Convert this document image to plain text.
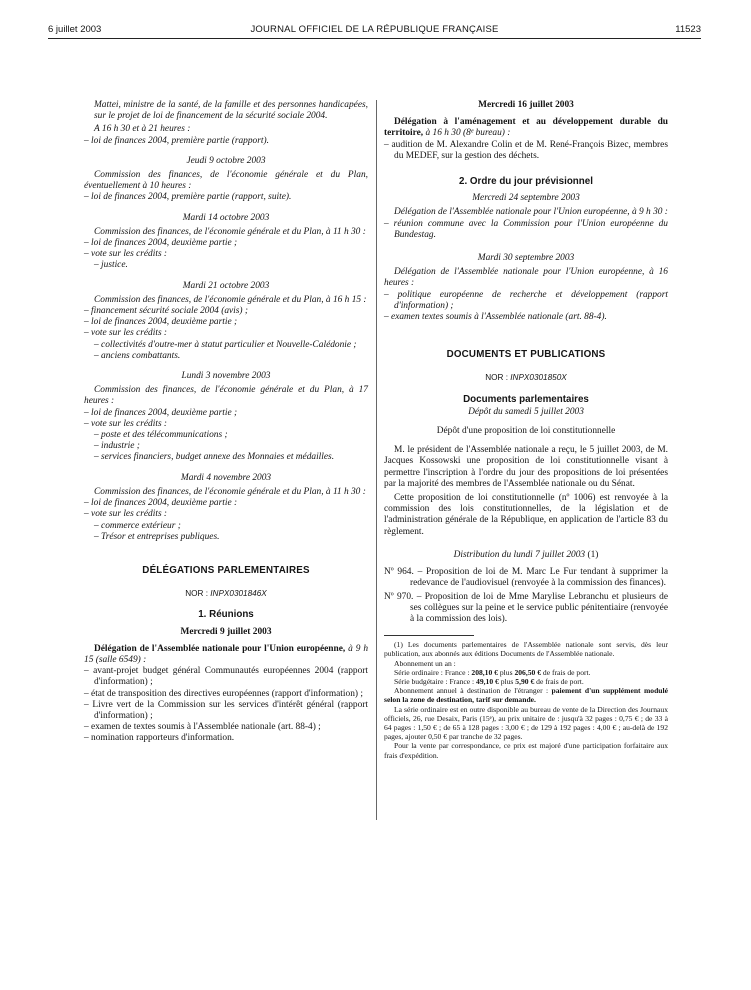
6 juillet 2003	JOURNAL OFFICIEL DE LA RÉPUBLIQUE FRANÇAISE	11523

Mattei, ministre de la santé, de la famille et des personnes handicapées, sur le projet de loi de financement de la sécurité sociale 2004.

A 16 h 30 et à 21 heures :

– loi de finances 2004, première partie (rapport).

Jeudi 9 octobre 2003

Commission des finances, de l'économie générale et du Plan, éventuellement à 10 heures :

– loi de finances 2004, première partie (rapport, suite).

Mardi 14 octobre 2003

Commission des finances, de l'économie générale et du Plan, à 11 h 30 :

– loi de finances 2004, deuxième partie ;

– vote sur les crédits :

– justice.

Mardi 21 octobre 2003

Commission des finances, de l'économie générale et du Plan, à 16 h 15 :

– financement sécurité sociale 2004 (avis) ;

– loi de finances 2004, deuxième partie ;

– vote sur les crédits :

– collectivités d'outre-mer à statut particulier et Nouvelle-Calédonie ;

– anciens combattants.

Lundi 3 novembre 2003

Commission des finances, de l'économie générale et du Plan, à 17 heures :

– loi de finances 2004, deuxième partie ;

– vote sur les crédits :

– poste et des télécommunications ;

– industrie ;

– services financiers, budget annexe des Monnaies et médailles.

Mardi 4 novembre 2003

Commission des finances, de l'économie générale et du Plan, à 11 h 30 :

– loi de finances 2004, deuxième partie :

– vote sur les crédits :

– commerce extérieur ;

– Trésor et entreprises publiques.

DÉLÉGATIONS PARLEMENTAIRES

NOR : INPX0301846X

1. Réunions

Mercredi 9 juillet 2003

Délégation de l'Assemblée nationale pour l'Union européenne, à 9 h 15 (salle 6549) :

– avant-projet budget général Communautés européennes 2004 (rapport d'information) ;

– état de transposition des directives européennes (rapport d'information) ;

– Livre vert de la Commission sur les services d'intérêt général (rapport d'information) ;

– examen de textes soumis à l'Assemblée nationale (art. 88-4) ;

– nomination rapporteurs d'information.

Mercredi 16 juillet 2003

Délégation à l'aménagement et au développement durable du territoire, à 16 h 30 (8ᵉ bureau) :

– audition de M. Alexandre Colin et de M. René-François Bizec, membres du MEDEF, sur la gestion des déchets.

2. Ordre du jour prévisionnel

Mercredi 24 septembre 2003

Délégation de l'Assemblée nationale pour l'Union européenne, à 9 h 30 :

– réunion commune avec la Commission pour l'Union européenne du Bundestag.

Mardi 30 septembre 2003

Délégation de l'Assemblée nationale pour l'Union européenne, à 16 heures :

– politique européenne de recherche et développement (rapport d'information) ;

– examen textes soumis à l'Assemblée nationale (art. 88-4).

DOCUMENTS ET PUBLICATIONS

NOR : INPX0301850X

Documents parlementaires

Dépôt du samedi 5 juillet 2003

Dépôt d'une proposition de loi constitutionnelle

M. le président de l'Assemblée nationale a reçu, le 5 juillet 2003, de M. Jacques Kossowski une proposition de loi constitutionnelle visant à permettre l'inscription à l'ordre du jour des propositions de loi présentées par la majorité des membres de l'Assemblée nationale ou du Sénat.

Cette proposition de loi constitutionnelle (nº 1006) est renvoyée à la commission des lois constitutionnelles, de la législation et de l'administration générale de la République, en application de l'article 83 du règlement.

Distribution du lundi 7 juillet 2003 (1)

Nº 964. – Proposition de loi de M. Marc Le Fur tendant à supprimer la redevance de l'audiovisuel (renvoyée à la commission des finances).

Nº 970. – Proposition de loi de Mme Marylise Lebranchu et plusieurs de ses collègues sur la peine et le service public pénitentiaire (renvoyée à la commission des lois).

(1) Les documents parlementaires de l'Assemblée nationale sont servis, dès leur publication, aux abonnés aux éditions Documents de l'Assemblée nationale.

Abonnement un an :

Série ordinaire : France : 208,10 € plus 206,50 € de frais de port.

Série budgétaire : France : 49,10 € plus 5,90 € de frais de port.

Abonnement annuel à destination de l'étranger : paiement d'un supplément modulé selon la zone de destination, tarif sur demande.

La série ordinaire est en outre disponible au bureau de vente de la Direction des Journaux officiels, 26, rue Desaix, Paris (15ᵉ), au prix unitaire de : jusqu'à 32 pages : 0,75 € ; de 33 à 64 pages : 1,50 € ; de 65 à 128 pages : 3,00 € ; de 129 à 192 pages : 4,00 € ; au-delà de 192 pages, ajouter 0,50 € par tranche de 32 pages.

Pour la vente par correspondance, ce prix est majoré d'une participation forfaitaire aux frais d'expédition.
